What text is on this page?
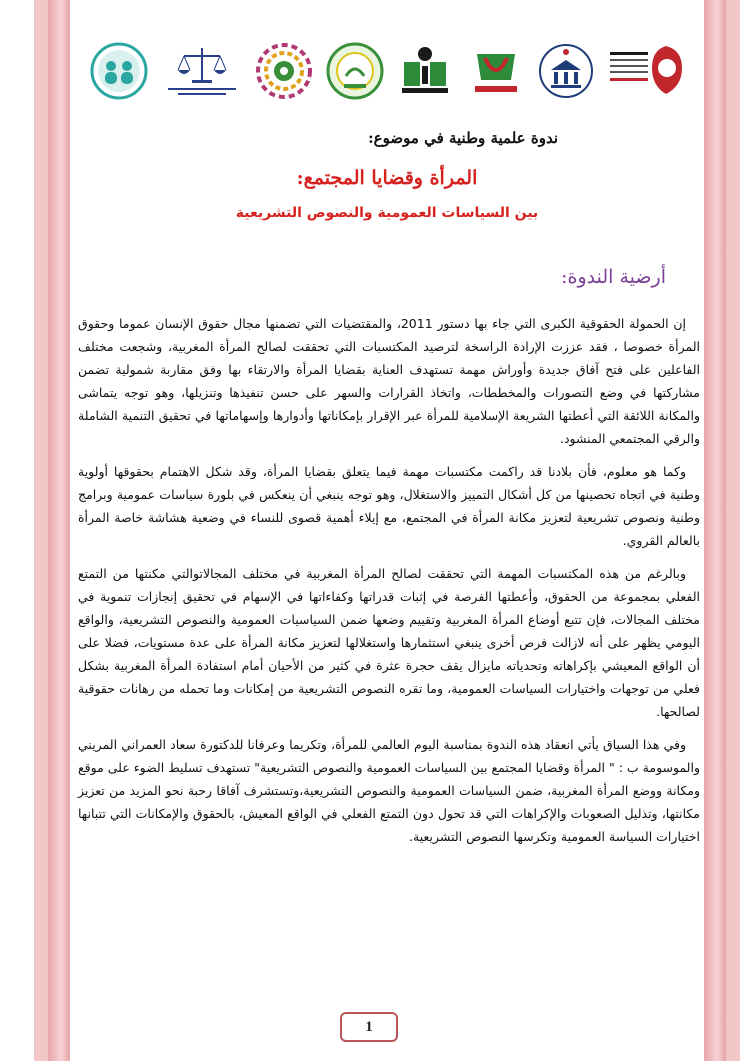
ندوة علمية وطنية في موضوع:
المرأة وقضايا المجتمع:
بين السياسات العمومية والنصوص التشريعية
أرضية الندوة:

إن الحمولة الحقوقية الكبرى التي جاء بها دستور 2011، والمقتضيات التي تضمنها مجال حقوق الإنسان عموما وحقوق المرأة خصوصا ، فقد عززت الإرادة الراسخة لترصيد المكتسبات التي تحققت لصالح المرأة المغربية، وشجعت مختلف الفاعلين على فتح آفاق جديدة وأوراش مهمة تستهدف العناية بقضايا المرأة والارتقاء بها وفق مقاربة شمولية تضمن مشاركتها في وضع التصورات والمخططات، واتخاذ القرارات والسهر على حسن تنفيذها وتنزيلها، وهو توجه يتماشى والمكانة اللائقة التي أعطتها الشريعة الإسلامية للمرأة عبر الإقرار بإمكاناتها وأدوارها وإسهاماتها في تحقيق التنمية الشاملة والرقي المجتمعي المنشود.

وكما هو معلوم، فأن بلادنا قد راكمت مكتسبات مهمة فيما يتعلق بقضايا المرأة، وقد شكل الاهتمام بحقوقها أولوية وطنية في اتجاه تحصينها من كل أشكال التمييز والاستغلال، وهو توجه ينبغي أن ينعكس في بلورة سياسات عمومية وبرامج وطنية ونصوص تشريعية لتعزيز مكانة المرأة في المجتمع، مع إيلاء أهمية قصوى للنساء في وضعية هشاشة خاصة المرأة بالعالم القروي.

وبالرغم من هذه المكتسبات المهمة التي تحققت لصالح المرأة المغربية في مختلف المجالاتوالتي مكنتها من التمتع الفعلي بمجموعة من الحقوق، وأعطتها الفرصة في إثبات قدراتها وكفاءاتها في الإسهام في تحقيق إنجازات تنموية في مختلف المجالات، فإن تتبع أوضاع المرأة المغربية وتقييم وضعها ضمن السياسيات العمومية والنصوص التشريعية، والواقع اليومي يظهر على أنه لازالت فرص أخرى ينبغي استثمارها واستغلالها لتعزيز مكانة المرأة على عدة مستويات، فضلا على أن الواقع المعيشي بإكراهاته وتحدياته مايزال يقف حجرة عثرة في كثير من الأحيان أمام استفادة المرأة المغربية بشكل فعلي من توجهات واختيارات السياسات العمومية، وما تقره النصوص التشريعية من إمكانات وما تحمله من رهانات حقوقية لصالحها.

وفي هذا السياق يأتي انعقاد هذه الندوة بمناسبة اليوم العالمي للمرأة، وتكريما وعرفانا للدكتورة سعاد العمراني المريني والموسومة ب : " المرأة وقضايا المجتمع بين السياسات العمومية والنصوص التشريعية" تستهدف تسليط الضوء على موقع ومكانة ووضع المرأة المغربية، ضمن السياسات العمومية والنصوص التشريعية،وتستشرف آفاقا رحبة نحو المزيد من تعزيز مكانتها، وتذليل الصعوبات والإكراهات التي قد تحول دون التمتع الفعلي في الواقع المعيش، بالحقوق والإمكانات التي تتبانها اختيارات السياسة العمومية وتكرسها النصوص التشريعية.

1
